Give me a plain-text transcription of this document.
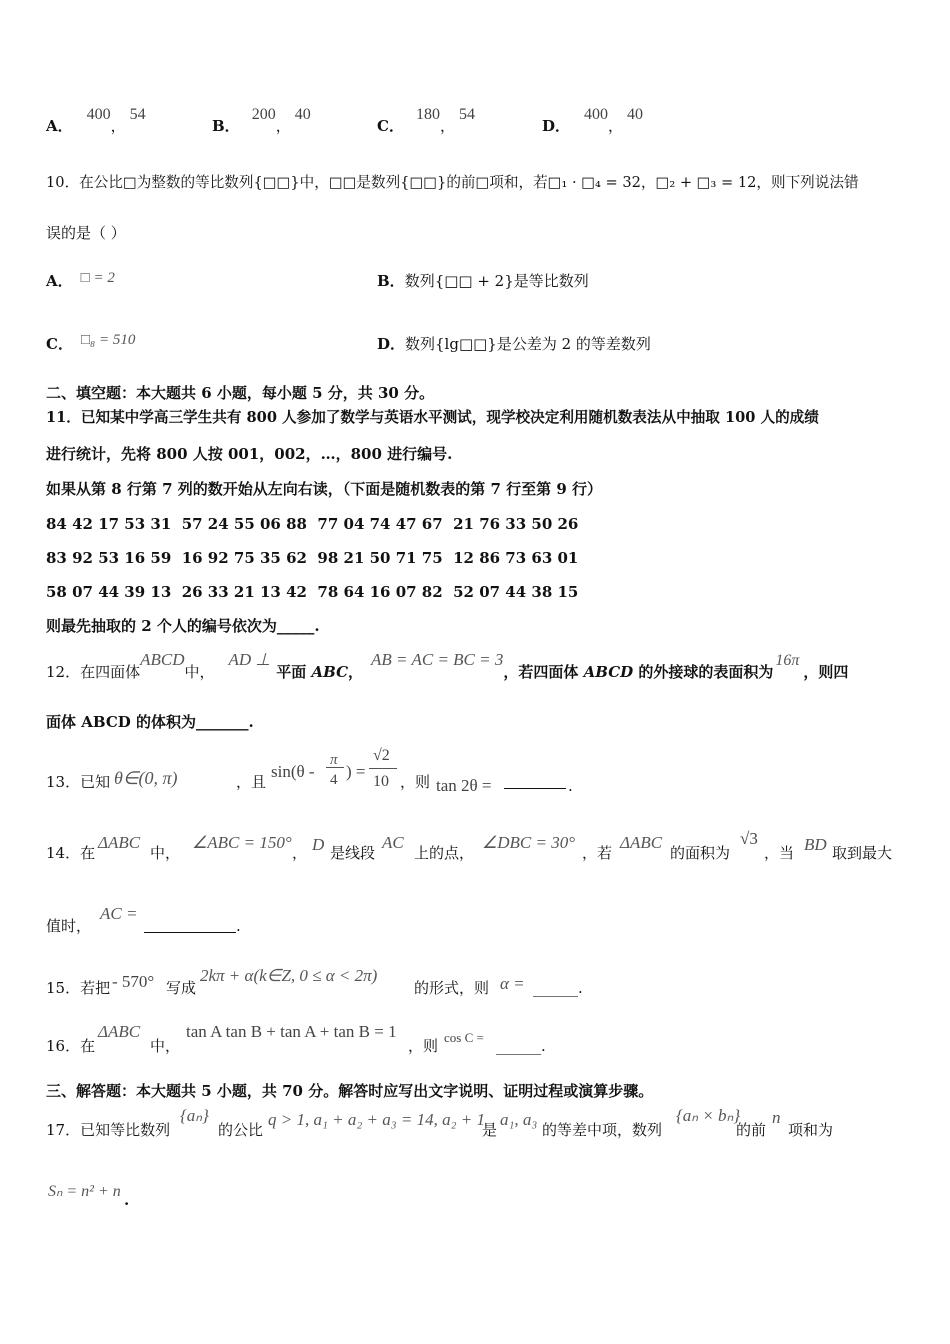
A．400，54
B．200，40
C．180，54
D．400，40
10．在公比□为整数的等比数列{□□}中，□□是数列{□□}的前□项和，若□₁ · □₄ = 32，□₂ + □₃ = 12，则下列说法错
误的是（ ）
A． □ = 2	B．数列{□□ + 2}是等比数列
C． □₈ = 510	D．数列{lg□□}是公差为 2 的等差数列
二、填空题：本大题共 6 小题，每小题 5 分，共 30 分。
11．已知某中学高三学生共有 800 人参加了数学与英语水平测试，现学校决定利用随机数表法从中抽取 100 人的成绩
进行统计，先将 800 人按 001，002，…，800 进行编号.
如果从第 8 行第 7 列的数开始从左向右读，（下面是随机数表的第 7 行至第 9 行）
84 42 17 53 31  57 24 55 06 88  77 04 74 47 67  21 76 33 50 26
83 92 53 16 59  16 92 75 35 62  98 21 50 71 75  12 86 73 63 01
58 07 44 39 13  26 33 21 13 42  78 64 16 07 82  52 07 44 38 15
则最先抽取的 2 个人的编号依次为_____.
12．在四面体ABCD中，AD ⊥平面 ABC，AB = AC = BC = 3，若四面体 ABCD 的外接球的表面积为16π，则四
面体 ABCD 的体积为_______.
13．已知 θ∈(0, π)	，且
sin(θ -
π
4 ) =
√2
10 ，则 tan 2θ =	.
14．在
ΔABC
中，
∠ABC = 150°
， D 是线段
AC
上的点，
∠DBC = 30°
，若
ΔABC
的面积为
√3
，当 BD 取到最大
值时，
AC =
.
15．若把 - 570° 写成
2kπ + α(k∈Z, 0 ≤ α < 2π)
的形式，则 α = ______.
16．在
ΔABC
中，
tan A tan B + tan A + tan B = 1
，则 cos C = ______.
三、解答题：本大题共 5 小题，共 70 分。解答时应写出文字说明、证明过程或演算步骤。
17．已知等比数列
{aₙ}
的公比
q > 1, a₁ + a₂ + a₃ = 14, a₂ + 1
是
a₁, a₃
的等差中项，数列
{aₙ × bₙ}
的前
n
项和为
Sₙ = n² + n .
